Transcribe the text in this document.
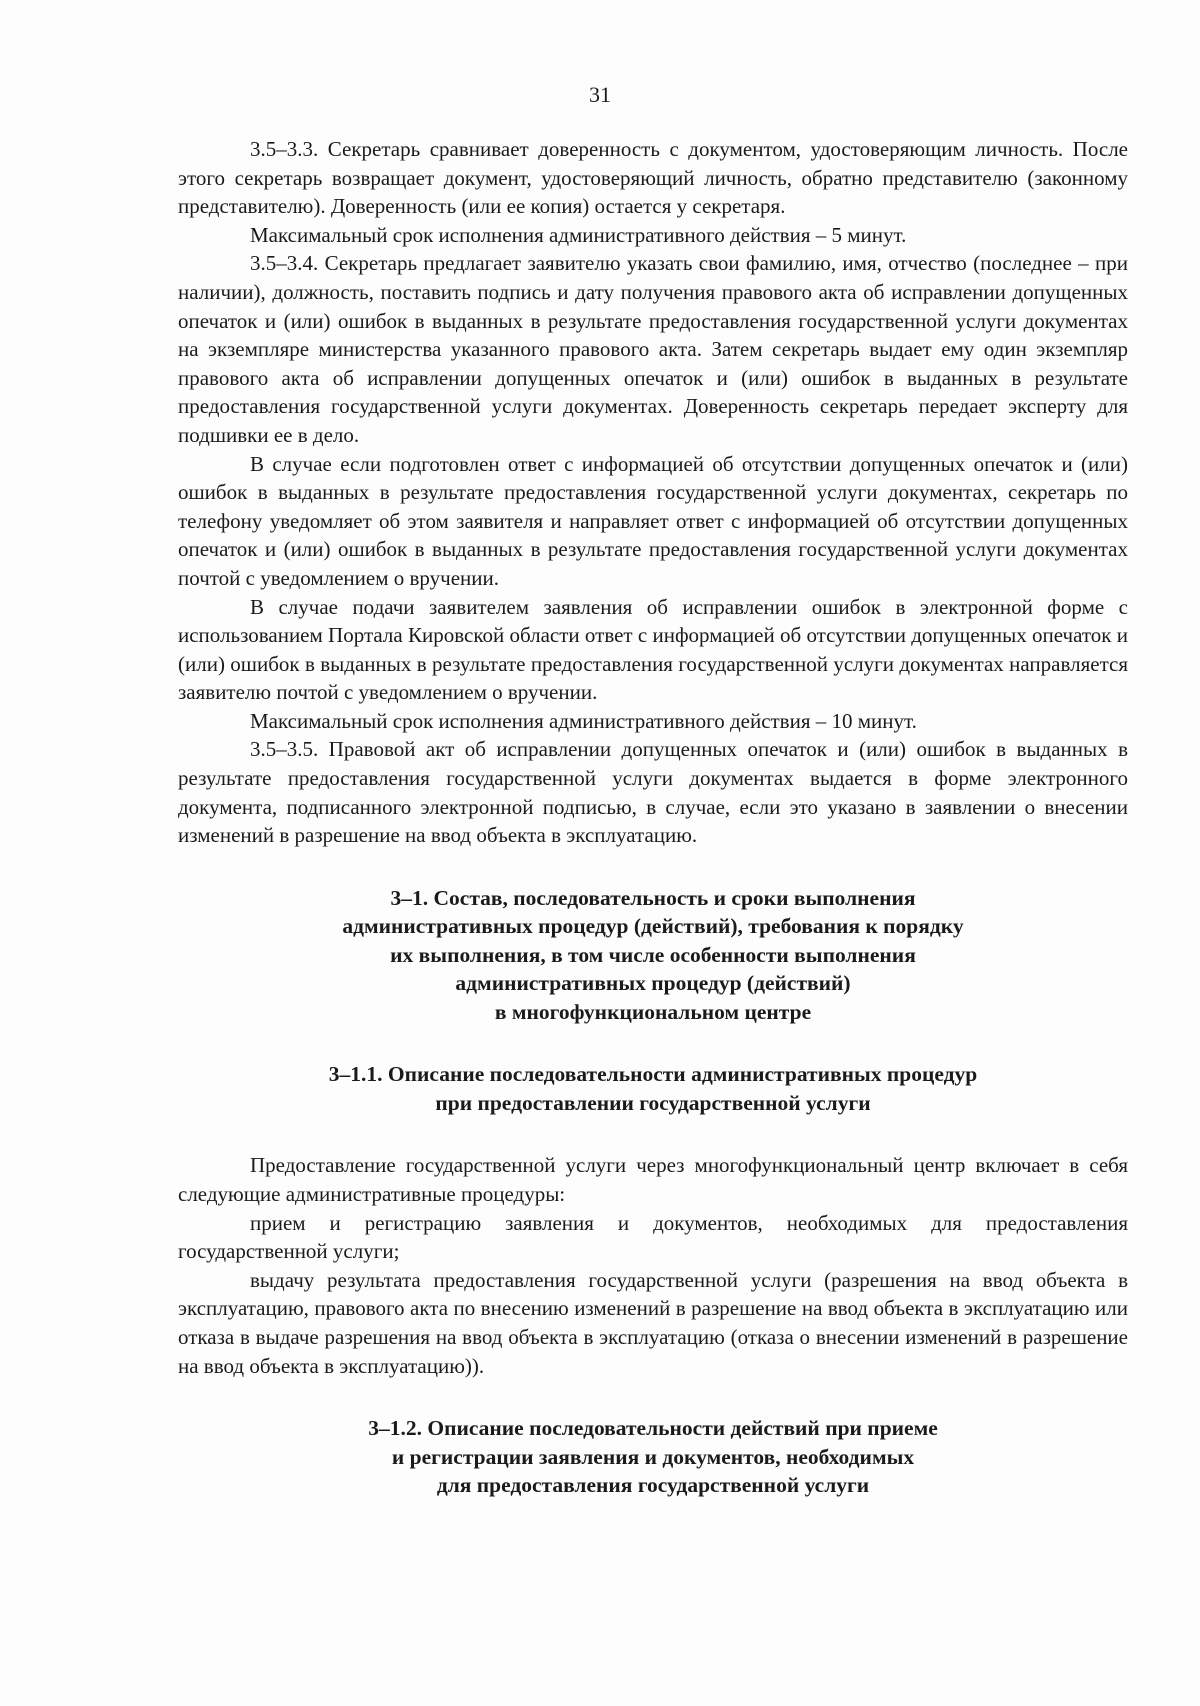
31

3.5–3.3. Секретарь сравнивает доверенность с документом, удостоверяющим личность. После этого секретарь возвращает документ, удостоверяющий личность, обратно представителю (законному представителю). Доверенность (или ее копия) остается у секретаря.

Максимальный срок исполнения административного действия – 5 минут.

3.5–3.4. Секретарь предлагает заявителю указать свои фамилию, имя, отчество (последнее – при наличии), должность, поставить подпись и дату получения правового акта об исправлении допущенных опечаток и (или) ошибок в выданных в результате предоставления государственной услуги документах на экземпляре министерства указанного правового акта. Затем секретарь выдает ему один экземпляр правового акта об исправлении допущенных опечаток и (или) ошибок в выданных в результате предоставления государственной услуги документах. Доверенность секретарь передает эксперту для подшивки ее в дело.

В случае если подготовлен ответ с информацией об отсутствии допущенных опечаток и (или) ошибок в выданных в результате предоставления государственной услуги документах, секретарь по телефону уведомляет об этом заявителя и направляет ответ с информацией об отсутствии допущенных опечаток и (или) ошибок в выданных в результате предоставления государственной услуги документах почтой с уведомлением о вручении.

В случае подачи заявителем заявления об исправлении ошибок в электронной форме с использованием Портала Кировской области ответ с информацией об отсутствии допущенных опечаток и (или) ошибок в выданных в результате предоставления государственной услуги документах направляется заявителю почтой с уведомлением о вручении.

Максимальный срок исполнения административного действия – 10 минут.

3.5–3.5. Правовой акт об исправлении допущенных опечаток и (или) ошибок в выданных в результате предоставления государственной услуги документах выдается в форме электронного документа, подписанного электронной подписью, в случае, если это указано в заявлении о внесении изменений в разрешение на ввод объекта в эксплуатацию.

3–1. Состав, последовательность и сроки выполнения
административных процедур (действий), требования к порядку
их выполнения, в том числе особенности выполнения
административных процедур (действий)
в многофункциональном центре
3–1.1. Описание последовательности административных процедур
при предоставлении государственной услуги

Предоставление государственной услуги через многофункциональный центр включает в себя следующие административные процедуры:

прием и регистрацию заявления и документов, необходимых для предоставления государственной услуги;

выдачу результата предоставления государственной услуги (разрешения на ввод объекта в эксплуатацию, правового акта по внесению изменений в разрешение на ввод объекта в эксплуатацию или отказа в выдаче разрешения на ввод объекта в эксплуатацию (отказа о внесении изменений в разрешение на ввод объекта в эксплуатацию)).

3–1.2. Описание последовательности действий при приеме
и регистрации заявления и документов, необходимых
для предоставления государственной услуги
